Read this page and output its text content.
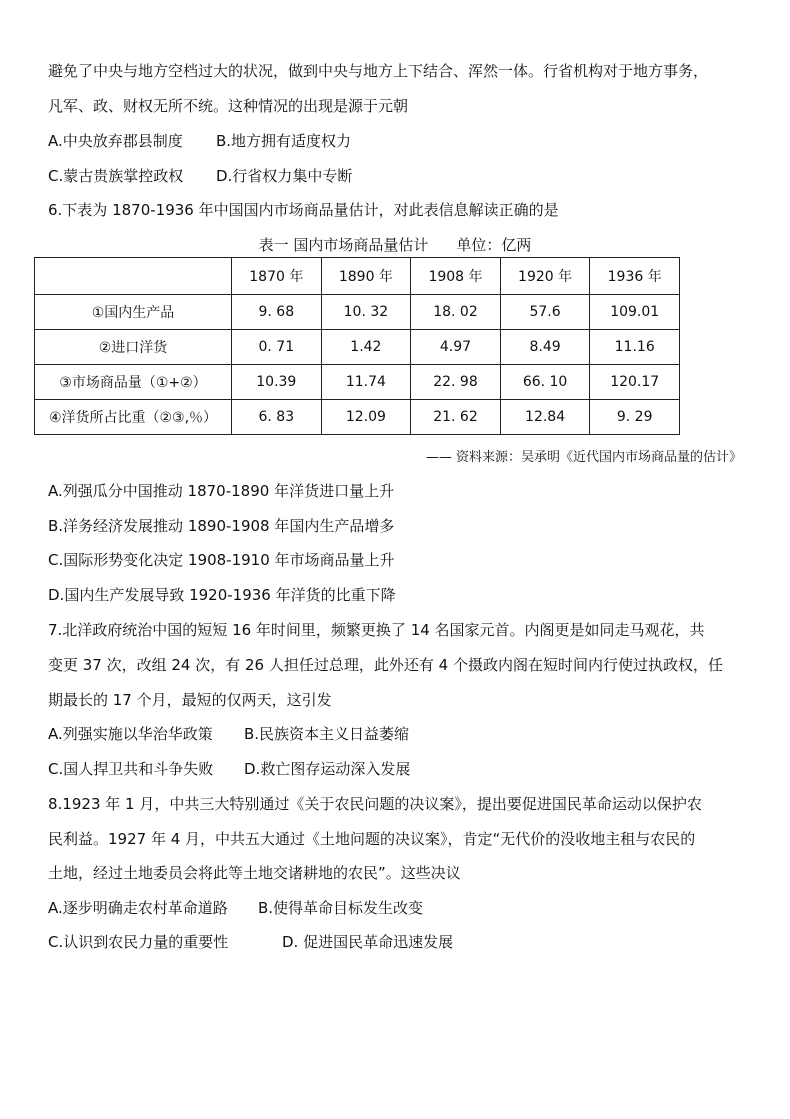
避免了中央与地方空档过大的状况，做到中央与地方上下结合、浑然一体。行省机构对于地方事务，
凡军、政、财权无所不统。这种情况的出现是源于元朝
A.中央放弃郡县制度 B.地方拥有适度权力
C.蒙古贵族掌控政权 D.行省权力集中专断
6.下表为 1870-1936 年中国国内市场商品量估计，对此表信息解读正确的是
表一 国内市场商品量估计 单位：亿两
	1870 年	1890 年	1908 年	1920 年	1936 年
①国内生产品	9. 68	10. 32	18. 02	57.6	109.01
②进口洋货	0. 71	1.42	4.97	8.49	11.16
③市场商品量（①+②）	10.39	11.74	22. 98	66. 10	120.17
④洋货所占比重（②③,％）	6. 83	12.09	21. 62	12.84	9. 29
—— 资料来源：吴承明《近代国内市场商品量的估计》
A.列强瓜分中国推动 1870-1890 年洋货进口量上升
B.洋务经济发展推动 1890-1908 年国内生产品增多
C.国际形势变化决定 1908-1910 年市场商品量上升
D.国内生产发展导致 1920-1936 年洋货的比重下降
7.北洋政府统治中国的短短 16 年时间里，频繁更换了 14 名国家元首。内阁更是如同走马观花，共
变更 37 次，改组 24 次，有 26 人担任过总理，此外还有 4 个摄政内阁在短时间内行使过执政权，任
期最长的 17 个月，最短的仅两天，这引发
A.列强实施以华治华政策 B.民族资本主义日益萎缩
C.国人捍卫共和斗争失败 D.救亡图存运动深入发展
8.1923 年 1 月，中共三大特别通过《关于农民问题的决议案》，提出要促进国民革命运动以保护农
民利益。1927 年 4 月，中共五大通过《土地问题的决议案》，肯定“无代价的没收地主租与农民的
土地，经过土地委员会将此等土地交诸耕地的农民”。这些决议
A.逐步明确走农村革命道路 B.使得革命目标发生改变
C.认识到农民力量的重要性	D. 促进国民革命迅速发展
